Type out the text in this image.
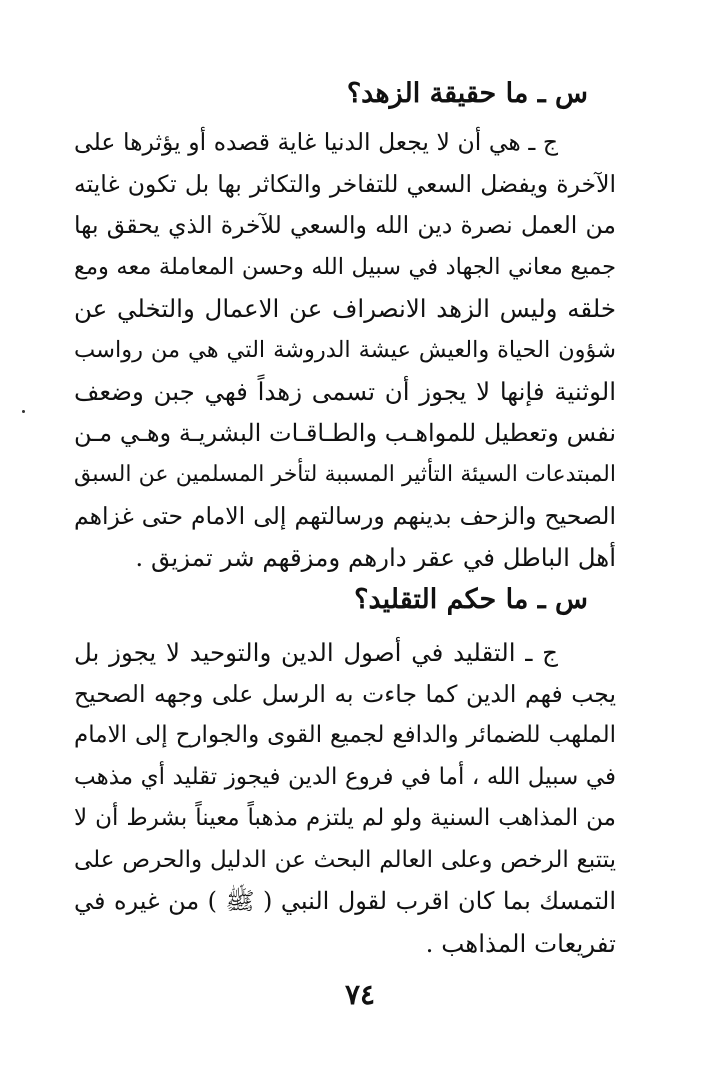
س ـ ما حقيقة الزهد؟
ج ـ هي أن لا يجعل الدنيا غاية قصده أو يؤثرها على
الآخرة ويفضل السعي للتفاخر والتكاثر بها بل تكون غايته
من العمل نصرة دين الله والسعي للآخرة الذي يحقق بها
جميع معاني الجهاد في سبيل الله وحسن المعاملة معه ومع
خلقه وليس الزهد الانصراف عن الاعمال والتخلي عن
شؤون الحياة والعيش عيشة الدروشة التي هي من رواسب
الوثنية فإنها لا يجوز أن تسمى زهداً فهي جبن وضعف
نفس وتعطيل للمواهـب والطـاقـات البشريـة وهـي مـن
المبتدعات السيئة التأثير المسببة لتأخر المسلمين عن السبق
الصحيح والزحف بدينهم ورسالتهم إلى الامام حتى غزاهم
أهل الباطل في عقر دارهم ومزقهم شر تمزيق .
س ـ ما حكم التقليد؟
ج ـ التقليد في أصول الدين والتوحيد لا يجوز بل
يجب فهم الدين كما جاءت به الرسل على وجهه الصحيح
الملهب للضمائر والدافع لجميع القوى والجوارح إلى الامام
في سبيل الله ، أما في فروع الدين فيجوز تقليد أي مذهب
من المذاهب السنية ولو لم يلتزم مذهباً معيناً بشرط أن لا
يتتبع الرخص وعلى العالم البحث عن الدليل والحرص على
التمسك بما كان اقرب لقول النبي ( ﷺ ) من غيره في
تفريعات المذاهب .
٧٤
